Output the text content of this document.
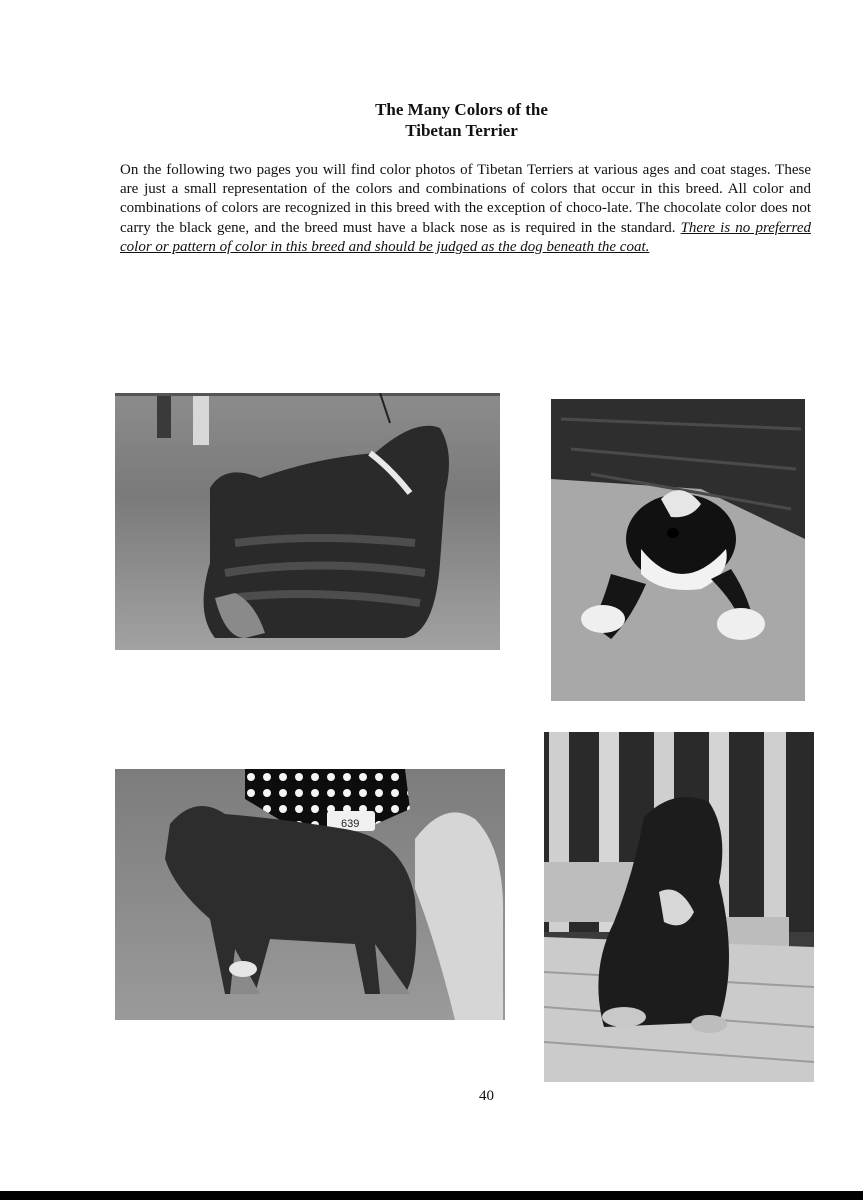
The Many Colors of the
Tibetan Terrier
On the following two pages you will find color photos of Tibetan Terriers at various ages and coat stages. These are just a small representation of the colors and combinations of colors that occur in this breed. All color and combinations of colors are recognized in this breed with the exception of choco-late. The chocolate color does not carry the black gene, and the breed must have a black nose as is required in the standard. There is no preferred color or pattern of color in this breed and should be judged as the dog beneath the coat.
639
40
